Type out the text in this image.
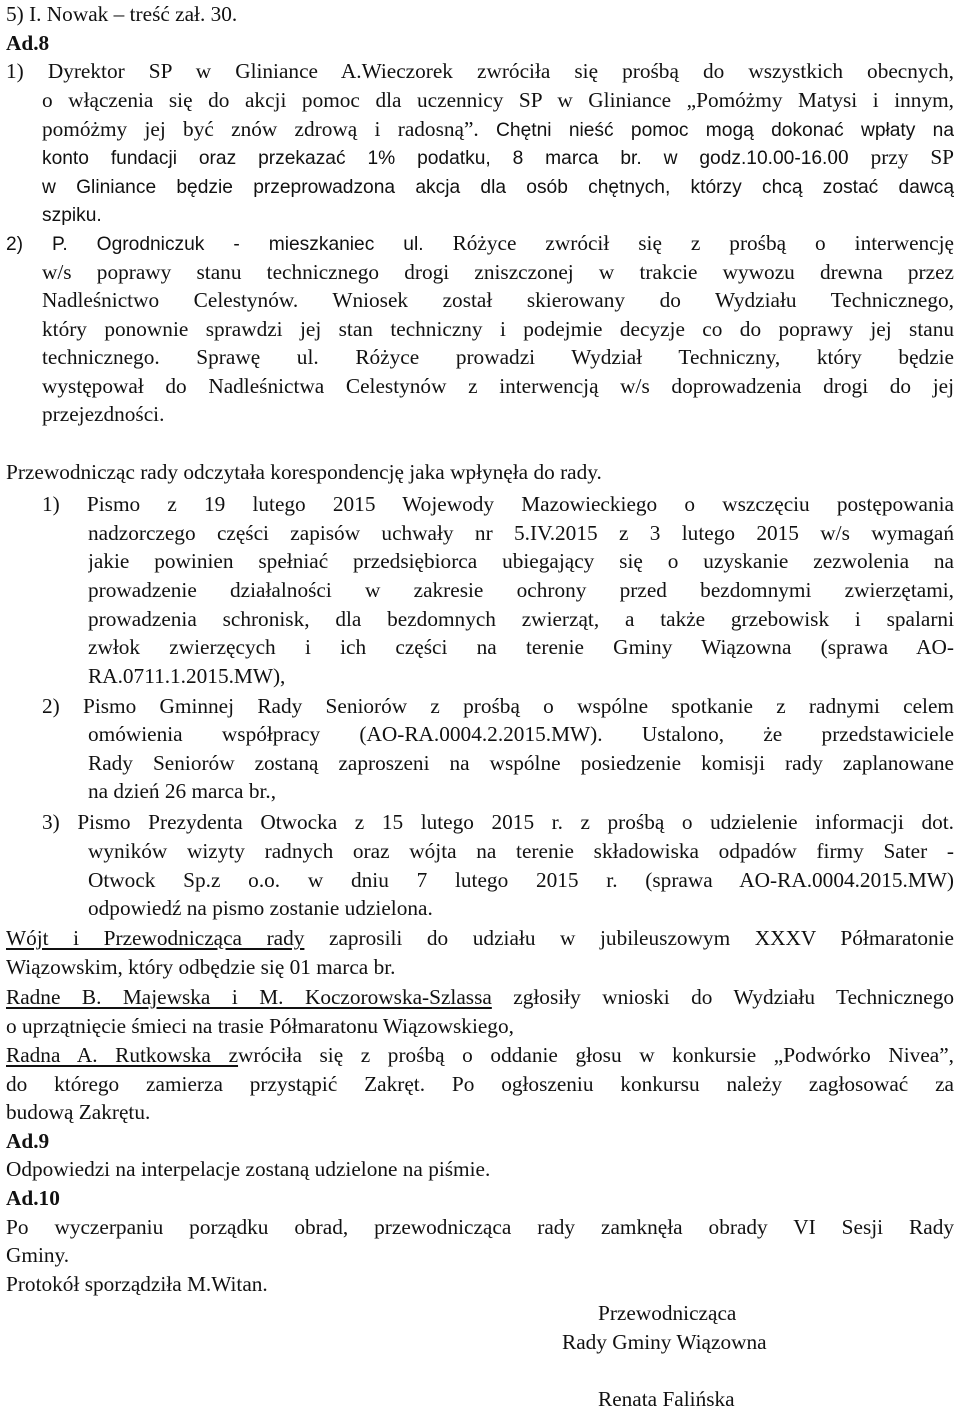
5) I. Nowak – treść zał. 30.
Ad.8
1) Dyrektor SP w Gliniance A.Wieczorek zwróciła się prośbą do wszystkich obecnych,
o włączenia się do akcji pomoc dla uczennicy SP w Gliniance „Pomóżmy Matysi i innym,
pomóżmy jej być znów zdrową i radosną”. Chętni nieść pomoc mogą dokonać wpłaty na
konto fundacji oraz przekazać 1% podatku, 8 marca br. w godz.10.00-16.00 przy SP
w Gliniance będzie przeprowadzona akcja dla osób chętnych, którzy chcą zostać dawcą
szpiku.
2) P. Ogrodniczuk - mieszkaniec ul. Różyce zwrócił się z prośbą o interwencję
w/s poprawy stanu technicznego drogi zniszczonej w trakcie wywozu drewna przez
Nadleśnictwo Celestynów. Wniosek został skierowany do Wydziału Technicznego,
który ponownie sprawdzi jej stan techniczny i podejmie decyzje co do poprawy jej stanu
technicznego. Sprawę ul. Różyce prowadzi Wydział Techniczny, który będzie
występował do Nadleśnictwa Celestynów z interwencją w/s doprowadzenia drogi do jej
przejezdności.
Przewodnicząc rady odczytała korespondencję jaka wpłynęła do rady.
1) Pismo z 19 lutego 2015 Wojewody Mazowieckiego o wszczęciu postępowania
nadzorczego części zapisów uchwały nr 5.IV.2015 z 3 lutego 2015 w/s wymagań
jakie powinien spełniać przedsiębiorca ubiegający się o uzyskanie zezwolenia na
prowadzenie działalności w zakresie ochrony przed bezdomnymi zwierzętami,
prowadzenia schronisk, dla bezdomnych zwierząt, a także grzebowisk i spalarni
zwłok zwierzęcych i ich części na terenie Gminy Wiązowna (sprawa AO-
RA.0711.1.2015.MW),
2) Pismo Gminnej Rady Seniorów z prośbą o wspólne spotkanie z radnymi celem
omówienia współpracy (AO-RA.0004.2.2015.MW). Ustalono, że przedstawiciele
Rady Seniorów zostaną zaproszeni na wspólne posiedzenie komisji rady zaplanowane
na dzień 26 marca br.,
3) Pismo Prezydenta Otwocka z 15 lutego 2015 r. z prośbą o udzielenie informacji dot.
wyników wizyty radnych oraz wójta na terenie składowiska odpadów firmy Sater -
Otwock Sp.z o.o. w dniu 7 lutego 2015 r. (sprawa AO-RA.0004.2015.MW)
odpowiedź na pismo zostanie udzielona.
Wójt i Przewodnicząca rady zaprosili do udziału w jubileuszowym XXXV Półmaratonie
Wiązowskim, który odbędzie się 01 marca br.
Radne B. Majewska i M. Koczorowska-Szlassa zgłosiły wnioski do Wydziału Technicznego
o uprzątnięcie śmieci na trasie Półmaratonu Wiązowskiego,
Radna A. Rutkowska zwróciła się z prośbą o oddanie głosu w konkursie „Podwórko Nivea”,
do którego zamierza przystąpić Zakręt. Po ogłoszeniu konkursu należy zagłosować za
budową Zakrętu.
Ad.9
Odpowiedzi na interpelacje zostaną udzielone na piśmie.
Ad.10
Po wyczerpaniu porządku obrad, przewodnicząca rady zamknęła obrady VI Sesji Rady
Gminy.
Protokół sporządziła M.Witan.
Przewodnicząca
Rady Gminy Wiązowna
Renata Falińska
